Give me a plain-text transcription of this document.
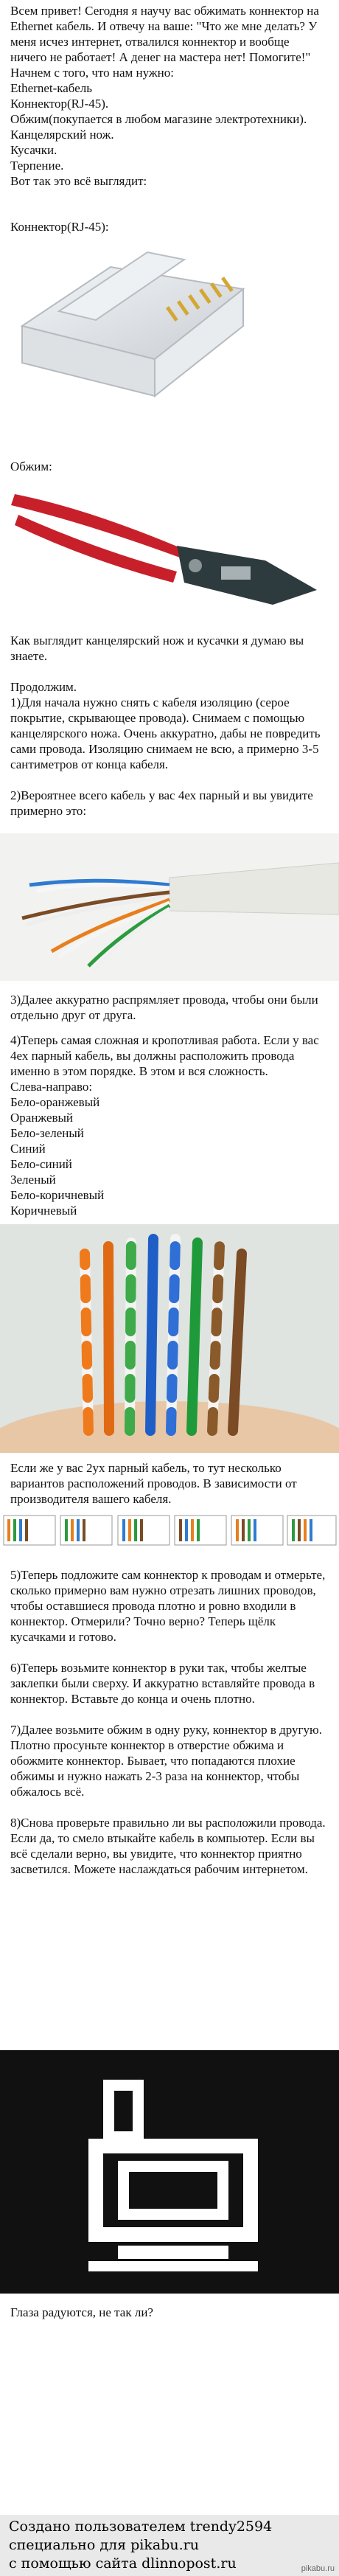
Всем привет! Сегодня я научу вас обжимать коннектор на Ethernet кабель. И отвечу на ваше: "Что же мне делать? У меня исчез интернет, отвалился коннектор и вообще ничего не работает! А денег на мастера нет! Помогите!"

Начнем с того, что нам нужно:

Ethernet-кабель

Коннектор(RJ-45).

Обжим(покупается в любом магазине электротехники).

Канцелярский нож.

Кусачки.

Терпение.

Вот так это всё выглядит:

Коннектор(RJ-45):
Обжим:

Как выглядит канцелярский нож и кусачки я думаю вы знаете.

Продолжим.

1)Для начала нужно снять с кабеля изоляцию (серое покрытие, скрывающее провода). Снимаем с помощью канцелярского ножа. Очень аккуратно, дабы не повредить сами провода. Изоляцию снимаем не всю, а примерно 3-5 сантиметров от конца кабеля.

2)Вероятнее всего кабель у вас 4ех парный и вы увидите примерно это:

3)Далее аккуратно распрямляет провода, чтобы они были отдельно друг от друга.

4)Теперь самая сложная и кропотливая работа. Если у вас 4ех парный кабель, вы должны расположить провода именно в этом порядке. В этом и вся сложность.

Слева-направо:

Бело-оранжевый

Оранжевый

Бело-зеленый

Синий

Бело-синий

Зеленый

Бело-коричневый

Коричневый

Если же у вас 2ух парный кабель, то тут несколько вариантов расположений проводов. В зависимости от производителя вашего кабеля.

5)Теперь подложите сам коннектор к проводам и отмерьте, сколько примерно вам нужно отрезать лишних проводов, чтобы оставшиеся провода плотно и ровно входили в коннектор. Отмерили? Точно верно? Теперь щёлк кусачками и готово.

6)Теперь возьмите коннектор в руки так, чтобы желтые заклепки были сверху. И аккуратно вставляйте провода в коннектор. Вставьте до конца и очень плотно.

7)Далее возьмите обжим в одну руку, коннектор в другую. Плотно просуньте коннектор в отверстие обжима и обожмите коннектор. Бывает, что попадаются плохие обжимы и нужно нажать 2-3 раза на коннектор, чтобы обжалось всё.

8)Снова проверьте правильно ли вы расположили провода. Если да, то смело втыкайте кабель в компьютер. Если вы всё сделали верно, вы увидите, что коннектор приятно засветился. Можете наслаждаться рабочим интернетом.

Глаза радуются, не так ли?

Создано пользователем trendy2594

специально для pikabu.ru

с помощью сайта dlinnopost.ru	pikabu.ru
